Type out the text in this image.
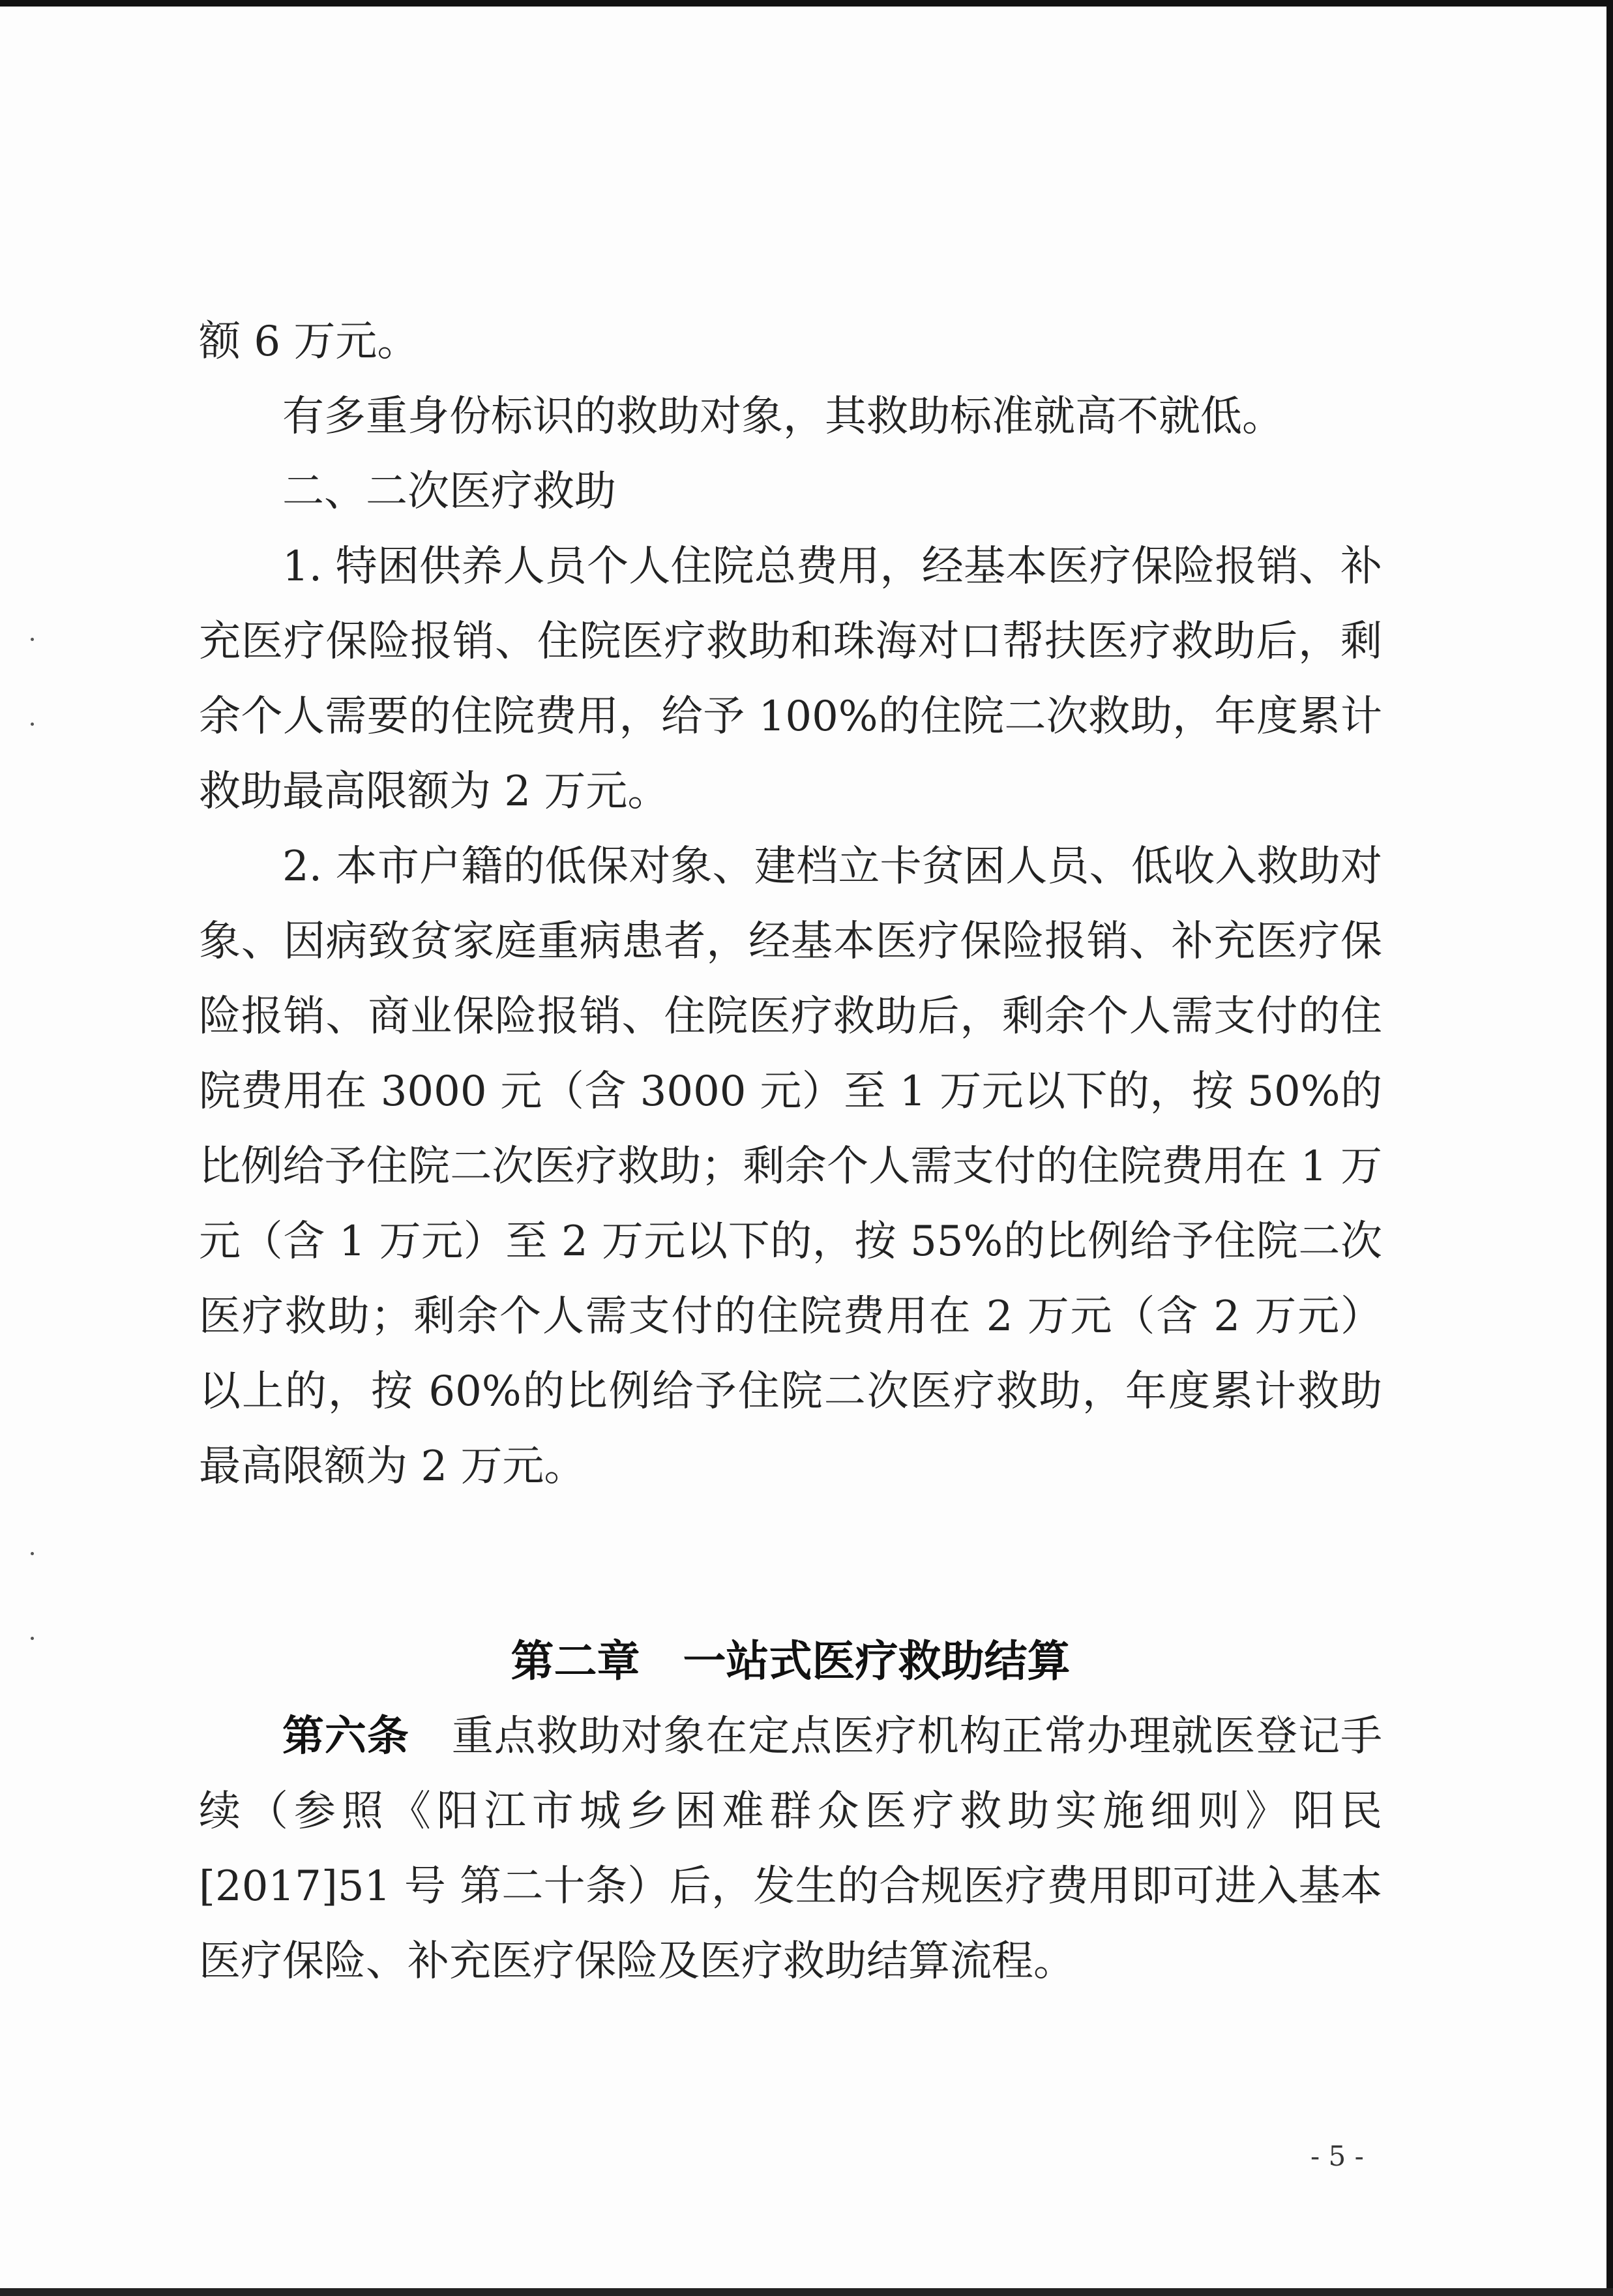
额 6 万元。

有多重身份标识的救助对象，其救助标准就高不就低。

二、二次医疗救助

1. 特困供养人员个人住院总费用，经基本医疗保险报销、补充医疗保险报销、住院医疗救助和珠海对口帮扶医疗救助后，剩余个人需要的住院费用，给予 100%的住院二次救助，年度累计救助最高限额为 2 万元。

2. 本市户籍的低保对象、建档立卡贫困人员、低收入救助对象、因病致贫家庭重病患者，经基本医疗保险报销、补充医疗保险报销、商业保险报销、住院医疗救助后，剩余个人需支付的住院费用在 3000 元（含 3000 元）至 1 万元以下的，按 50%的比例给予住院二次医疗救助；剩余个人需支付的住院费用在 1 万元（含 1 万元）至 2 万元以下的，按 55%的比例给予住院二次医疗救助；剩余个人需支付的住院费用在 2 万元（含 2 万元）以上的，按 60%的比例给予住院二次医疗救助，年度累计救助最高限额为 2 万元。

第二章　一站式医疗救助结算

第六条　 重点救助对象在定点医疗机构正常办理就医登记手续（参照《阳江市城乡困难群众医疗救助实施细则》阳民[2017]51 号 第二十条）后，发生的合规医疗费用即可进入基本医疗保险、补充医疗保险及医疗救助结算流程。

- 5 -
